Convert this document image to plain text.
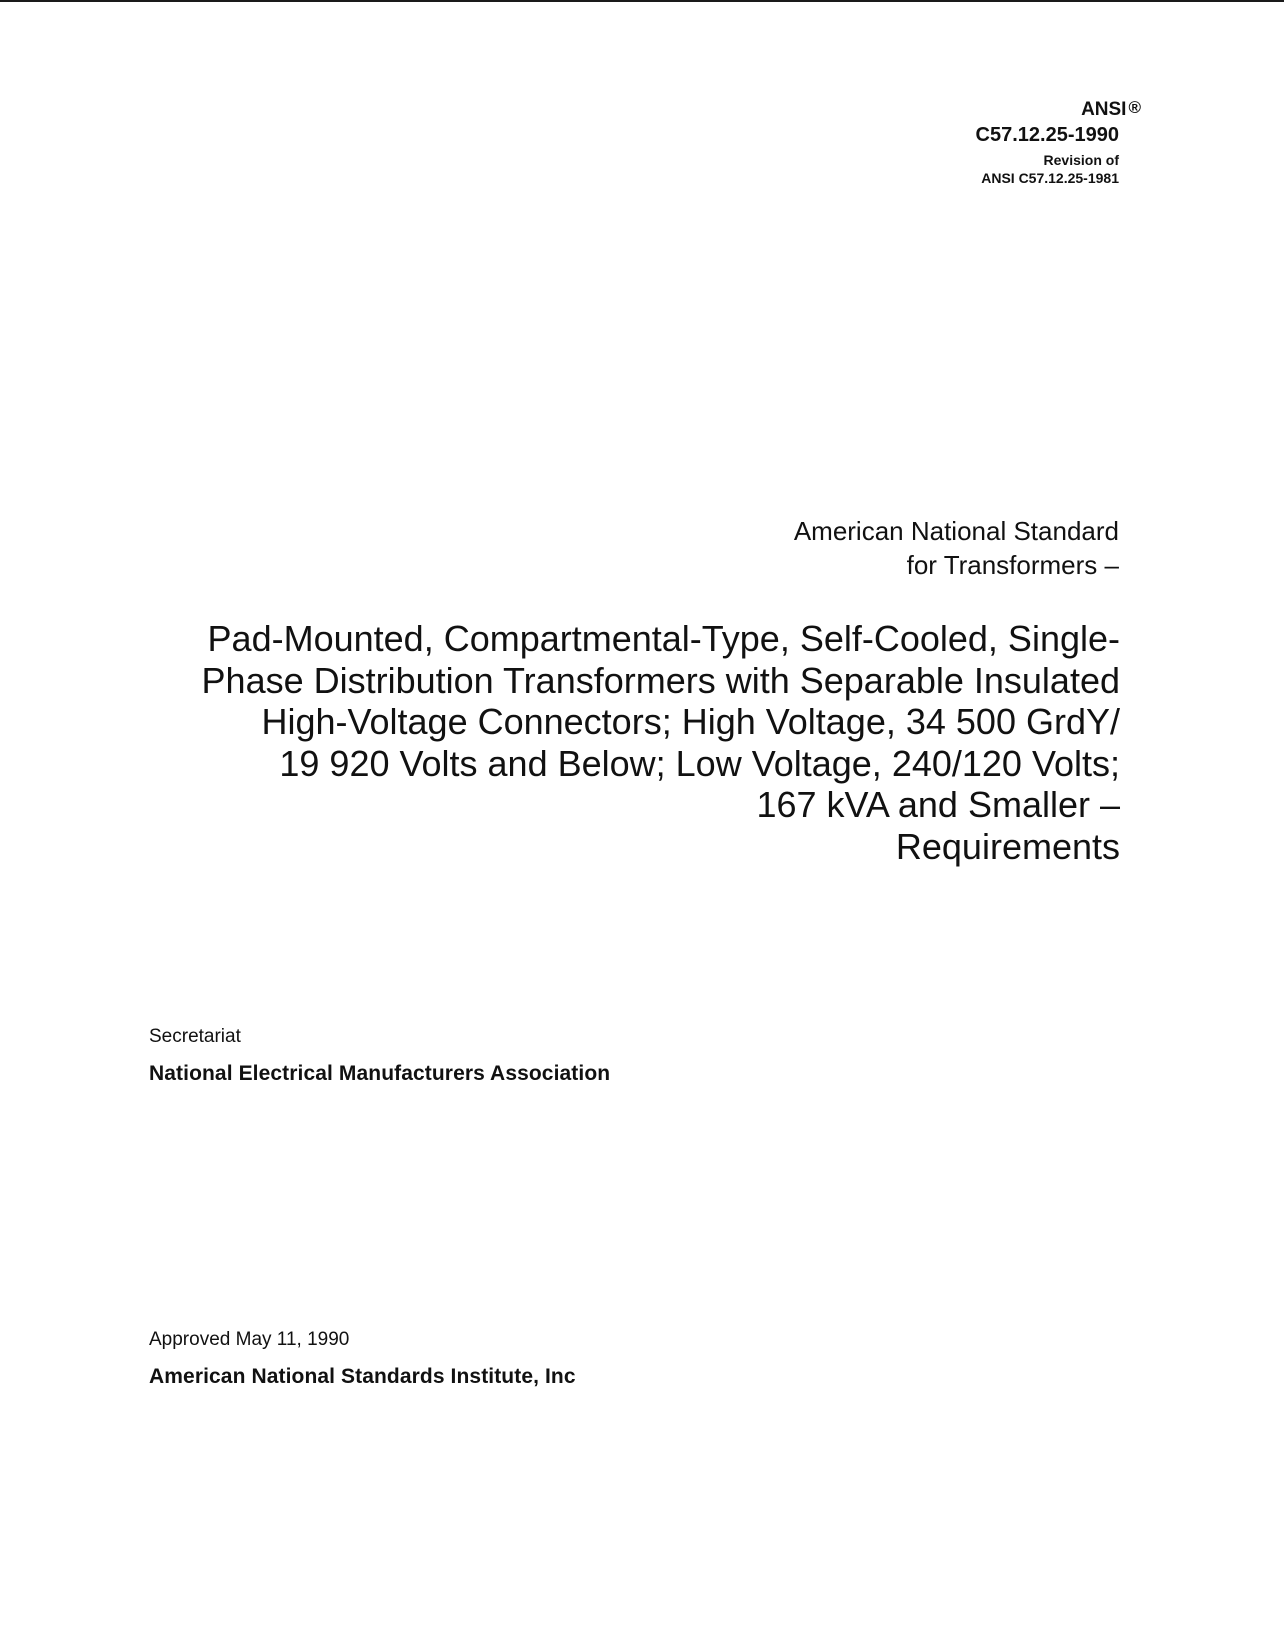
ANSI ®
C57.12.25-1990
Revision of
ANSI C57.12.25-1981
American National Standard
for Transformers –
Pad-Mounted, Compartmental-Type, Self-Cooled, Single-
Phase Distribution Transformers with Separable Insulated
High-Voltage Connectors; High Voltage, 34 500 GrdY/
19 920 Volts and Below; Low Voltage, 240/120 Volts;
167 kVA and Smaller –
Requirements
Secretariat
National Electrical Manufacturers Association
Approved May 11, 1990
American National Standards Institute, Inc
